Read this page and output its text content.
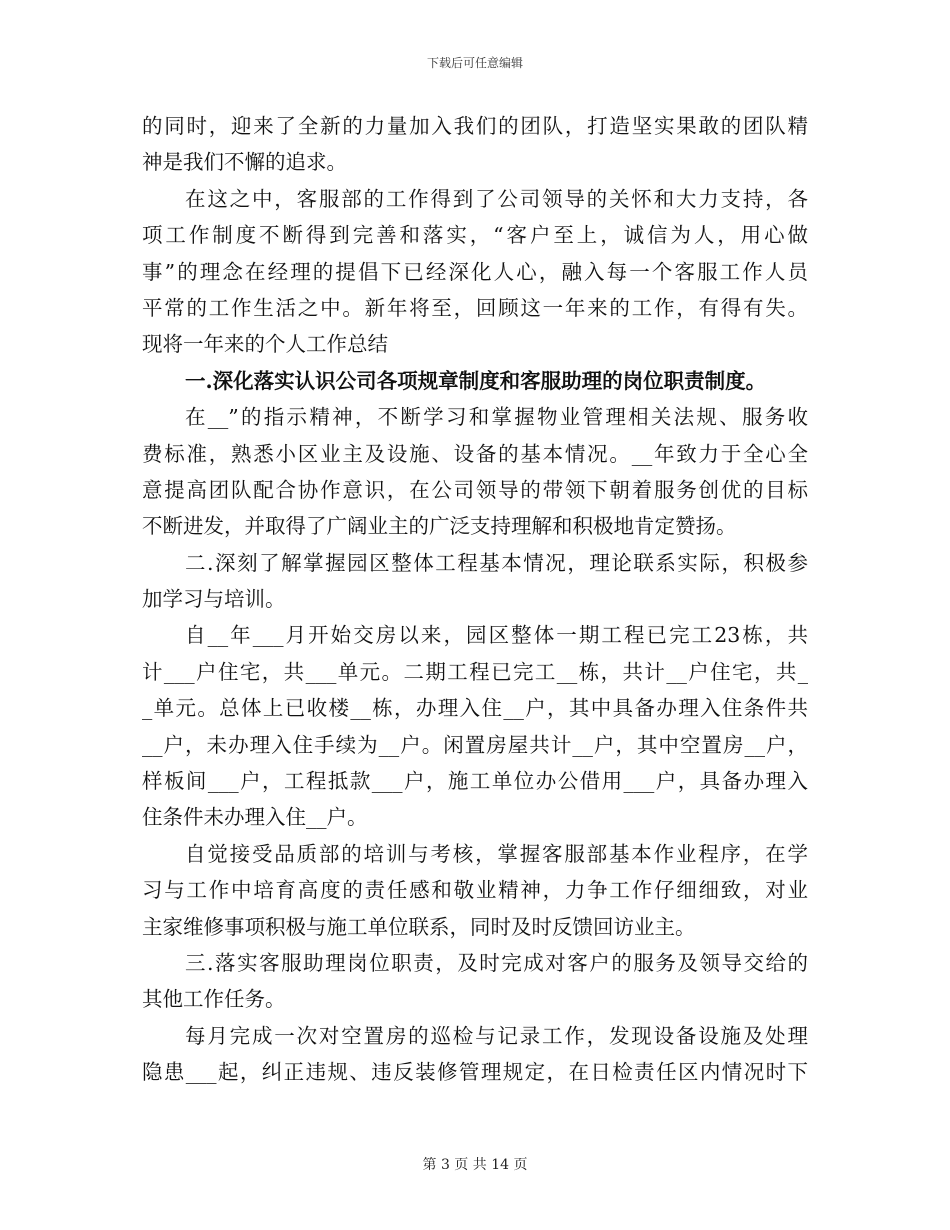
下载后可任意编辑
的同时，迎来了全新的力量加入我们的团队，打造坚实果敢的团队精
神是我们不懈的追求。
在这之中，客服部的工作得到了公司领导的关怀和大力支持，各
项工作制度不断得到完善和落实，“客户至上，诚信为人，用心做
事”的理念在经理的提倡下已经深化人心，融入每一个客服工作人员
平常的工作生活之中。新年将至，回顾这一年来的工作，有得有失。
现将一年来的个人工作总结
一.深化落实认识公司各项规章制度和客服助理的岗位职责制度。
在__”的指示精神，不断学习和掌握物业管理相关法规、服务收
费标准，熟悉小区业主及设施、设备的基本情况。__年致力于全心全
意提高团队配合协作意识，在公司领导的带领下朝着服务创优的目标
不断进发，并取得了广阔业主的广泛支持理解和积极地肯定赞扬。
二.深刻了解掌握园区整体工程基本情况，理论联系实际，积极参
加学习与培训。
自__年___月开始交房以来，园区整体一期工程已完工23栋，共
计___户住宅，共___单元。二期工程已完工__栋，共计__户住宅，共_
_单元。总体上已收楼__栋，办理入住__户，其中具备办理入住条件共
__户，未办理入住手续为__户。闲置房屋共计__户，其中空置房__户，
样板间___户，工程抵款___户，施工单位办公借用___户，具备办理入
住条件未办理入住__户。
自觉接受品质部的培训与考核，掌握客服部基本作业程序，在学
习与工作中培育高度的责任感和敬业精神，力争工作仔细细致，对业
主家维修事项积极与施工单位联系，同时及时反馈回访业主。
三.落实客服助理岗位职责，及时完成对客户的服务及领导交给的
其他工作任务。
每月完成一次对空置房的巡检与记录工作，发现设备设施及处理
隐患___起，纠正违规、违反装修管理规定，在日检责任区内情况时下
第 3 页 共 14 页
